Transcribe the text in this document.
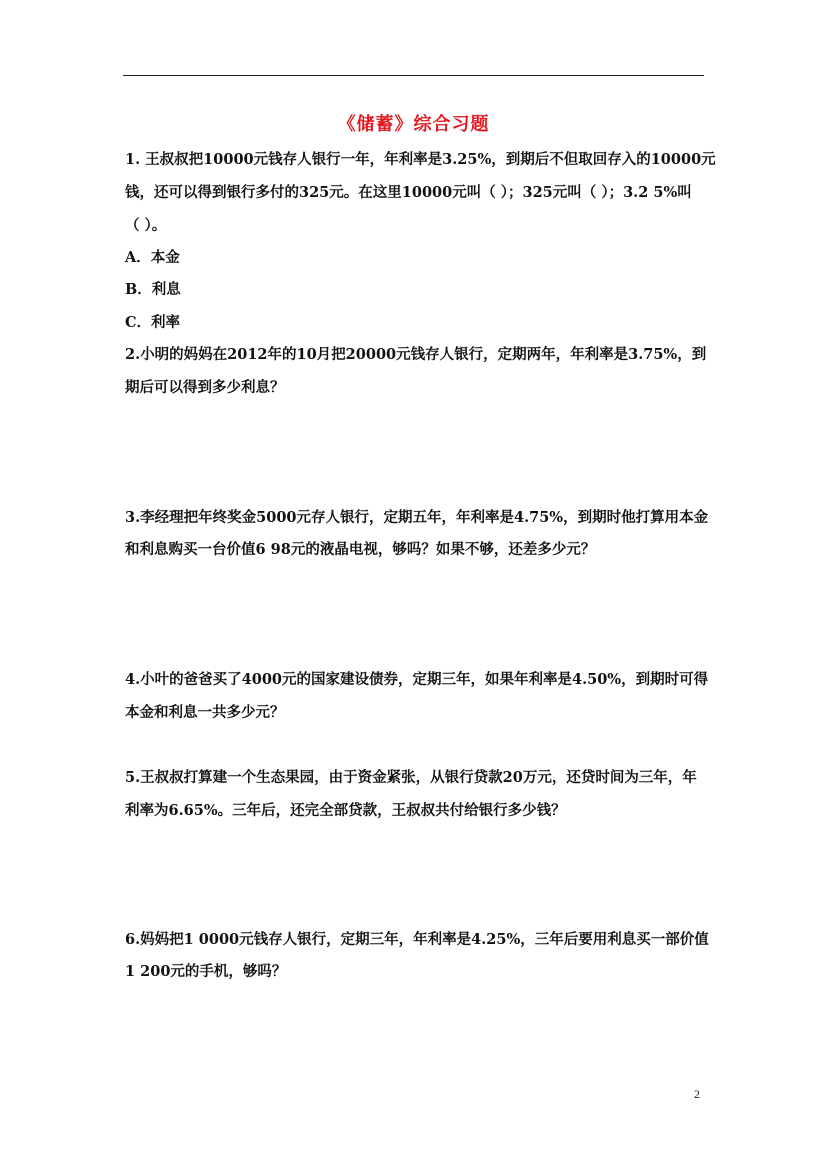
《储蓄》综合习题
1. 王叔叔把10000元钱存人银行一年，年利率是3.25%，到期后不但取回存入的10000元
钱，还可以得到银行多付的325元。在这里10000元叫（ ）；325元叫（ ）；3.2 5%叫
（ ）。
A．本金
B．利息
C．利率
2.小明的妈妈在2012年的10月把20000元钱存人银行，定期两年，年利率是3.75%，到
期后可以得到多少利息？
3.李经理把年终奖金5000元存人银行，定期五年，年利率是4.75%，到期时他打算用本金
和利息购买一台价值6 98元的液晶电视，够吗？如果不够，还差多少元？
4.小叶的爸爸买了4000元的国家建设债券，定期三年，如果年利率是4.50%，到期时可得
本金和利息一共多少元？
5.王叔叔打算建一个生态果园，由于资金紧张，从银行贷款20万元，还贷时间为三年，年
利率为6.65%。三年后，还完全部贷款，王叔叔共付给银行多少钱？
6.妈妈把1 0000元钱存人银行，定期三年，年利率是4.25%，三年后要用利息买一部价值
1 200元的手机，够吗？
2
